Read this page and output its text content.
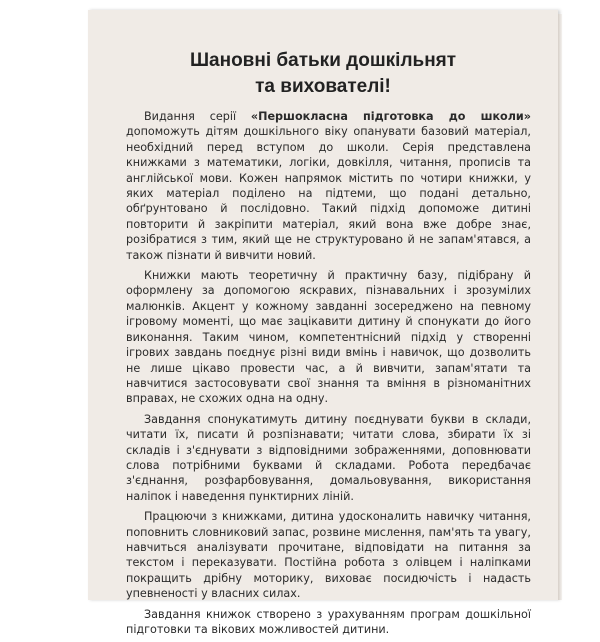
Шановні батьки дошкільнят
та вихователі!

Видання серії «Першокласна підготовка до школи» допоможуть дітям дошкільного віку опанувати базовий матеріал, необхідний перед вступом до школи. Серія представлена книжками з математики, логіки, довкілля, читання, прописів та англійської мови. Кожен напрямок містить по чотири книжки, у яких матеріал поділено на підтеми, що подані детально, обґрунтовано й послідовно. Такий підхід допоможе дитині повторити й закріпити матеріал, який вона вже добре знає, розібратися з тим, який ще не структуровано й не запам'ятався, а також пізнати й вивчити новий.

Книжки мають теоретичну й практичну базу, підібрану й оформлену за допомогою яскравих, пізнавальних і зрозумілих малюнків. Акцент у кожному завданні зосереджено на певному ігровому моменті, що має зацікавити дитину й спонукати до його виконання. Таким чином, компетентнісний підхід у створенні ігрових завдань поєднує різні види вмінь і навичок, що дозволить не лише цікаво провести час, а й вивчити, запам'ятати та навчитися застосовувати свої знання та вміння в різноманітних вправах, не схожих одна на одну.

Завдання спонукатимуть дитину поєднувати букви в склади, читати їх, писати й розпізнавати; читати слова, збирати їх зі складів і з'єднувати з відповідними зображеннями, доповнювати слова потрібними буквами й складами. Робота передбачає з'єднання, розфарбовування, домальовування, використання наліпок і наведення пунктирних ліній.

Працюючи з книжками, дитина удосконалить навичку читання, поповнить словниковий запас, розвине мислення, пам'ять та увагу, навчиться аналізувати прочитане, відповідати на питання за текстом і переказувати. Постійна робота з олівцем і наліпками покращить дрібну моторику, виховає посидючість і надасть упевненості у власних силах.

Завдання книжок створено з урахуванням програм дошкільної підготовки та вікових можливостей дитини.
